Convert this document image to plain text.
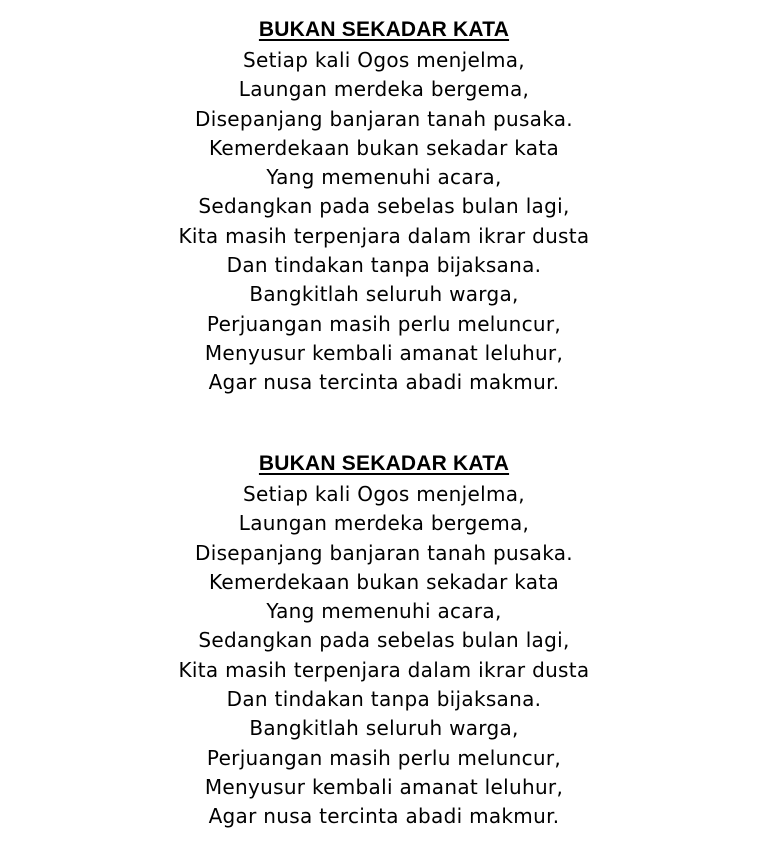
BUKAN SEKADAR KATA
Setiap kali Ogos menjelma,
Laungan merdeka bergema,
Disepanjang banjaran tanah pusaka.
Kemerdekaan bukan sekadar kata
Yang memenuhi acara,
Sedangkan pada sebelas bulan lagi,
Kita masih terpenjara dalam ikrar dusta
Dan tindakan tanpa bijaksana.
Bangkitlah seluruh warga,
Perjuangan masih perlu meluncur,
Menyusur kembali amanat leluhur,
Agar nusa tercinta abadi makmur.
BUKAN SEKADAR KATA
Setiap kali Ogos menjelma,
Laungan merdeka bergema,
Disepanjang banjaran tanah pusaka.
Kemerdekaan bukan sekadar kata
Yang memenuhi acara,
Sedangkan pada sebelas bulan lagi,
Kita masih terpenjara dalam ikrar dusta
Dan tindakan tanpa bijaksana.
Bangkitlah seluruh warga,
Perjuangan masih perlu meluncur,
Menyusur kembali amanat leluhur,
Agar nusa tercinta abadi makmur.
